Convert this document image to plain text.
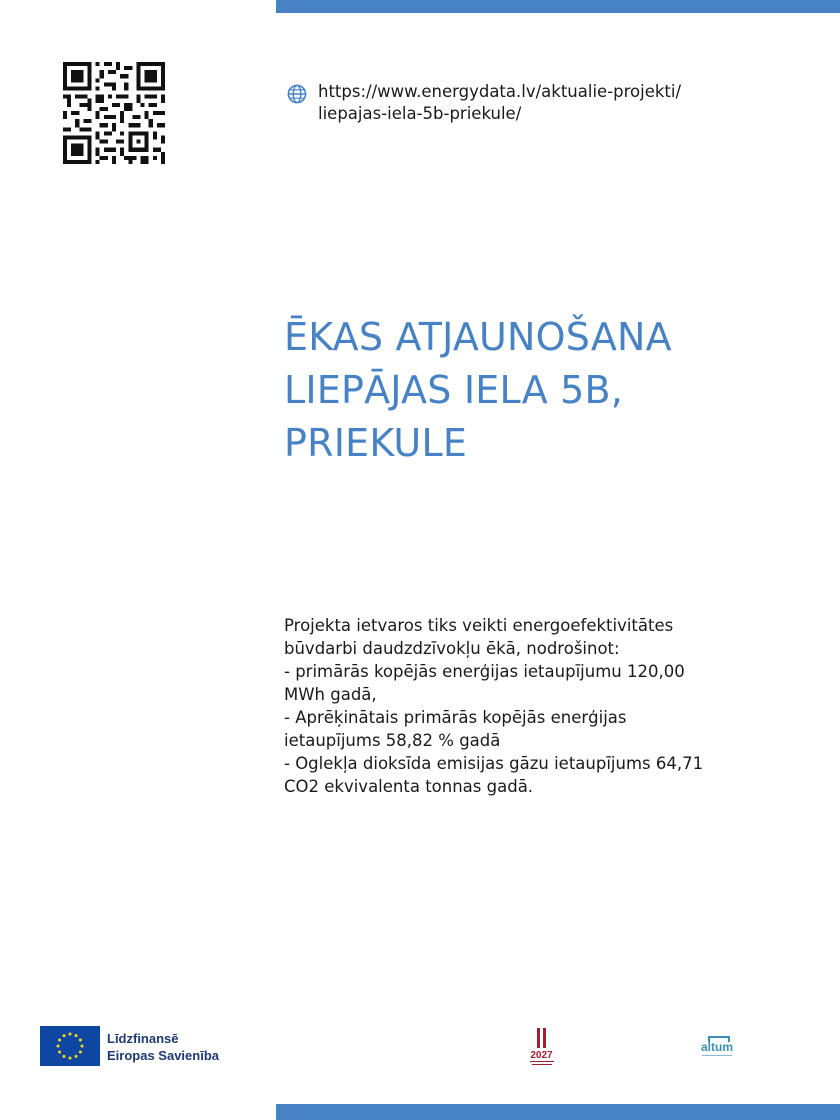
https://www.energydata.lv/aktualie-projekti/
liepajas-iela-5b-priekule/
ĒKAS ATJAUNOŠANA
LIEPĀJAS IELA 5B,
PRIEKULE
Projekta ietvaros tiks veikti energoefektivitātes
būvdarbi daudzdzīvokļu ēkā, nodrošinot:
- primārās kopējās enerģijas ietaupījumu 120,00
MWh gadā,
- Aprēķinātais primārās kopējās enerģijas
ietaupījums 58,82 % gadā
- Oglekļa dioksīda emisijas gāzu ietaupījums 64,71
CO2 ekvivalenta tonnas gadā.
Līdzfinansē
Eiropas Savienība	2027
altum
